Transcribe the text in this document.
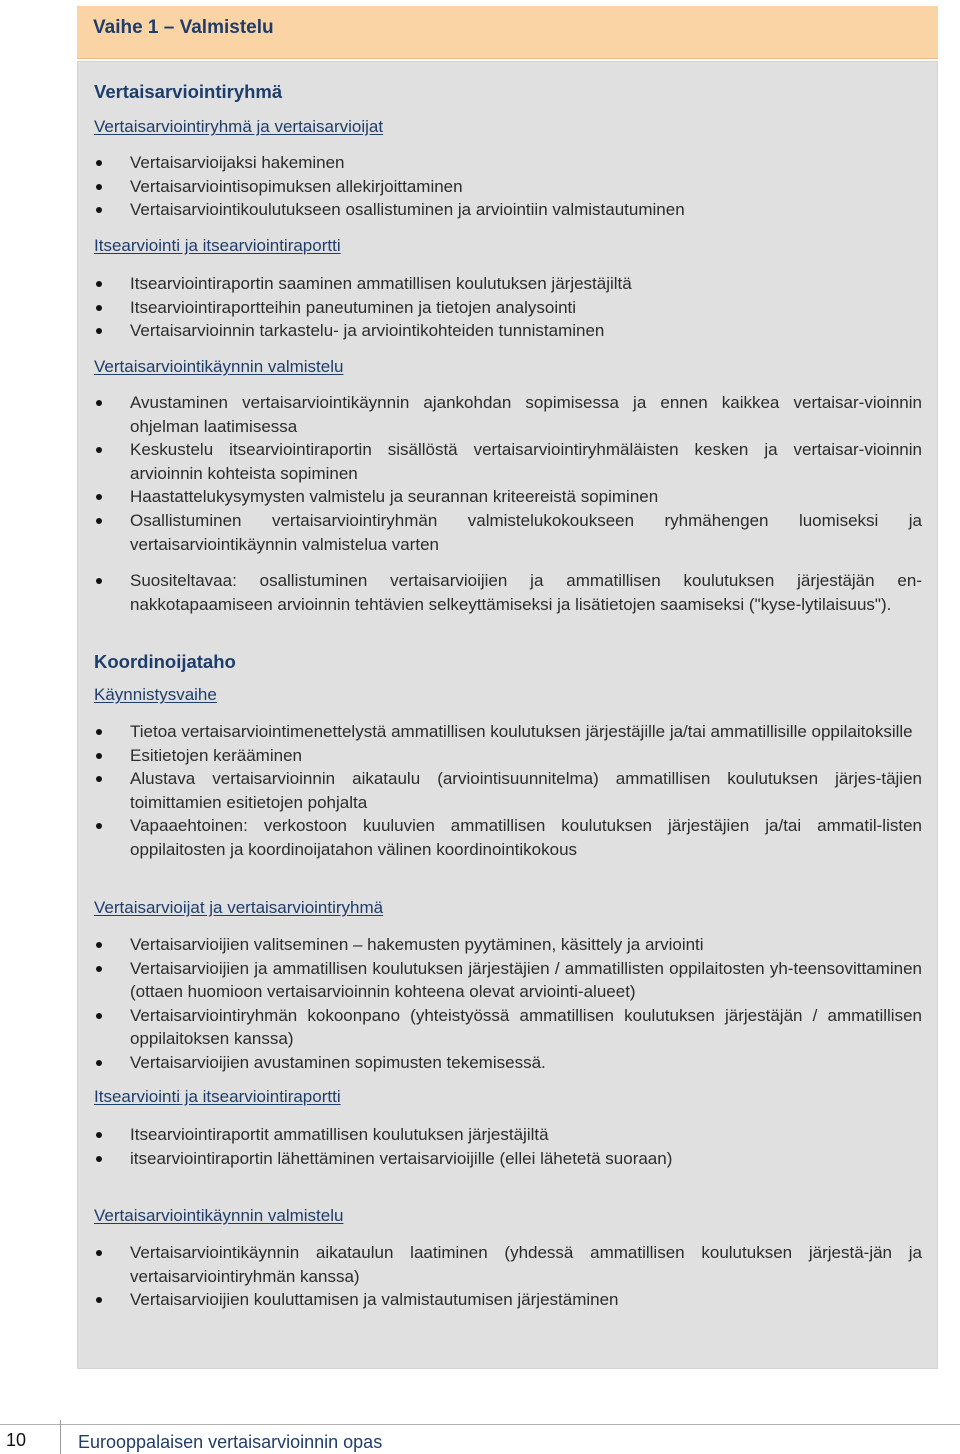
Vaihe 1 – Valmistelu
Vertaisarviointiryhmä
Vertaisarviointiryhmä ja vertaisarvioijat
Vertaisarvioijaksi hakeminen
Vertaisarviointisopimuksen allekirjoittaminen
Vertaisarviointikoulutukseen osallistuminen ja arviointiin valmistautuminen
Itsearviointi ja itsearviointiraportti
Itsearviointiraportin saaminen ammatillisen koulutuksen järjestäjiltä
Itsearviointiraportteihin paneutuminen ja tietojen analysointi
Vertaisarvioinnin tarkastelu- ja arviointikohteiden tunnistaminen
Vertaisarviointikäynnin valmistelu
Avustaminen vertaisarviointikäynnin ajankohdan sopimisessa ja ennen kaikkea vertaisar-vioinnin ohjelman laatimisessa
Keskustelu itsearviointiraportin sisällöstä vertaisarviointiryhmäläisten kesken ja vertaisar-vioinnin arvioinnin kohteista sopiminen
Haastattelukysymysten valmistelu ja seurannan kriteereistä sopiminen
Osallistuminen vertaisarviointiryhmän valmistelukokoukseen ryhmähengen luomiseksi ja vertaisarviointikäynnin valmistelua varten
Suositeltavaa: osallistuminen vertaisarvioijien ja ammatillisen koulutuksen järjestäjän en-nakkotapaamiseen arvioinnin tehtävien selkeyttämiseksi ja lisätietojen saamiseksi ("kyse-lytilaisuus").
Koordinoijataho
Käynnistysvaihe
Tietoa vertaisarviointimenettelystä ammatillisen koulutuksen järjestäjille ja/tai ammatillisille oppilaitoksille
Esitietojen kerääminen
Alustava vertaisarvioinnin aikataulu (arviointisuunnitelma) ammatillisen koulutuksen järjes-täjien toimittamien esitietojen pohjalta
Vapaaehtoinen: verkostoon kuuluvien ammatillisen koulutuksen järjestäjien ja/tai ammatil-listen oppilaitosten ja koordinoijatahon välinen koordinointikokous
Vertaisarvioijat ja vertaisarviointiryhmä
Vertaisarvioijien valitseminen – hakemusten pyytäminen, käsittely ja arviointi
Vertaisarvioijien ja ammatillisen koulutuksen järjestäjien / ammatillisten oppilaitosten yh-teensovittaminen (ottaen huomioon vertaisarvioinnin kohteena olevat arviointi-alueet)
Vertaisarviointiryhmän kokoonpano (yhteistyössä ammatillisen koulutuksen järjestäjän / ammatillisen oppilaitoksen kanssa)
Vertaisarvioijien avustaminen sopimusten tekemisessä.
Itsearviointi ja itsearviointiraportti
Itsearviointiraportit ammatillisen koulutuksen järjestäjiltä
itsearviointiraportin lähettäminen vertaisarvioijille (ellei lähetetä suoraan)
Vertaisarviointikäynnin valmistelu
Vertaisarviointikäynnin aikataulun laatiminen (yhdessä ammatillisen koulutuksen järjestä-jän ja vertaisarviointiryhmän kanssa)
Vertaisarvioijien kouluttamisen ja valmistautumisen järjestäminen
10	Eurooppalaisen vertaisarvioinnin opas
